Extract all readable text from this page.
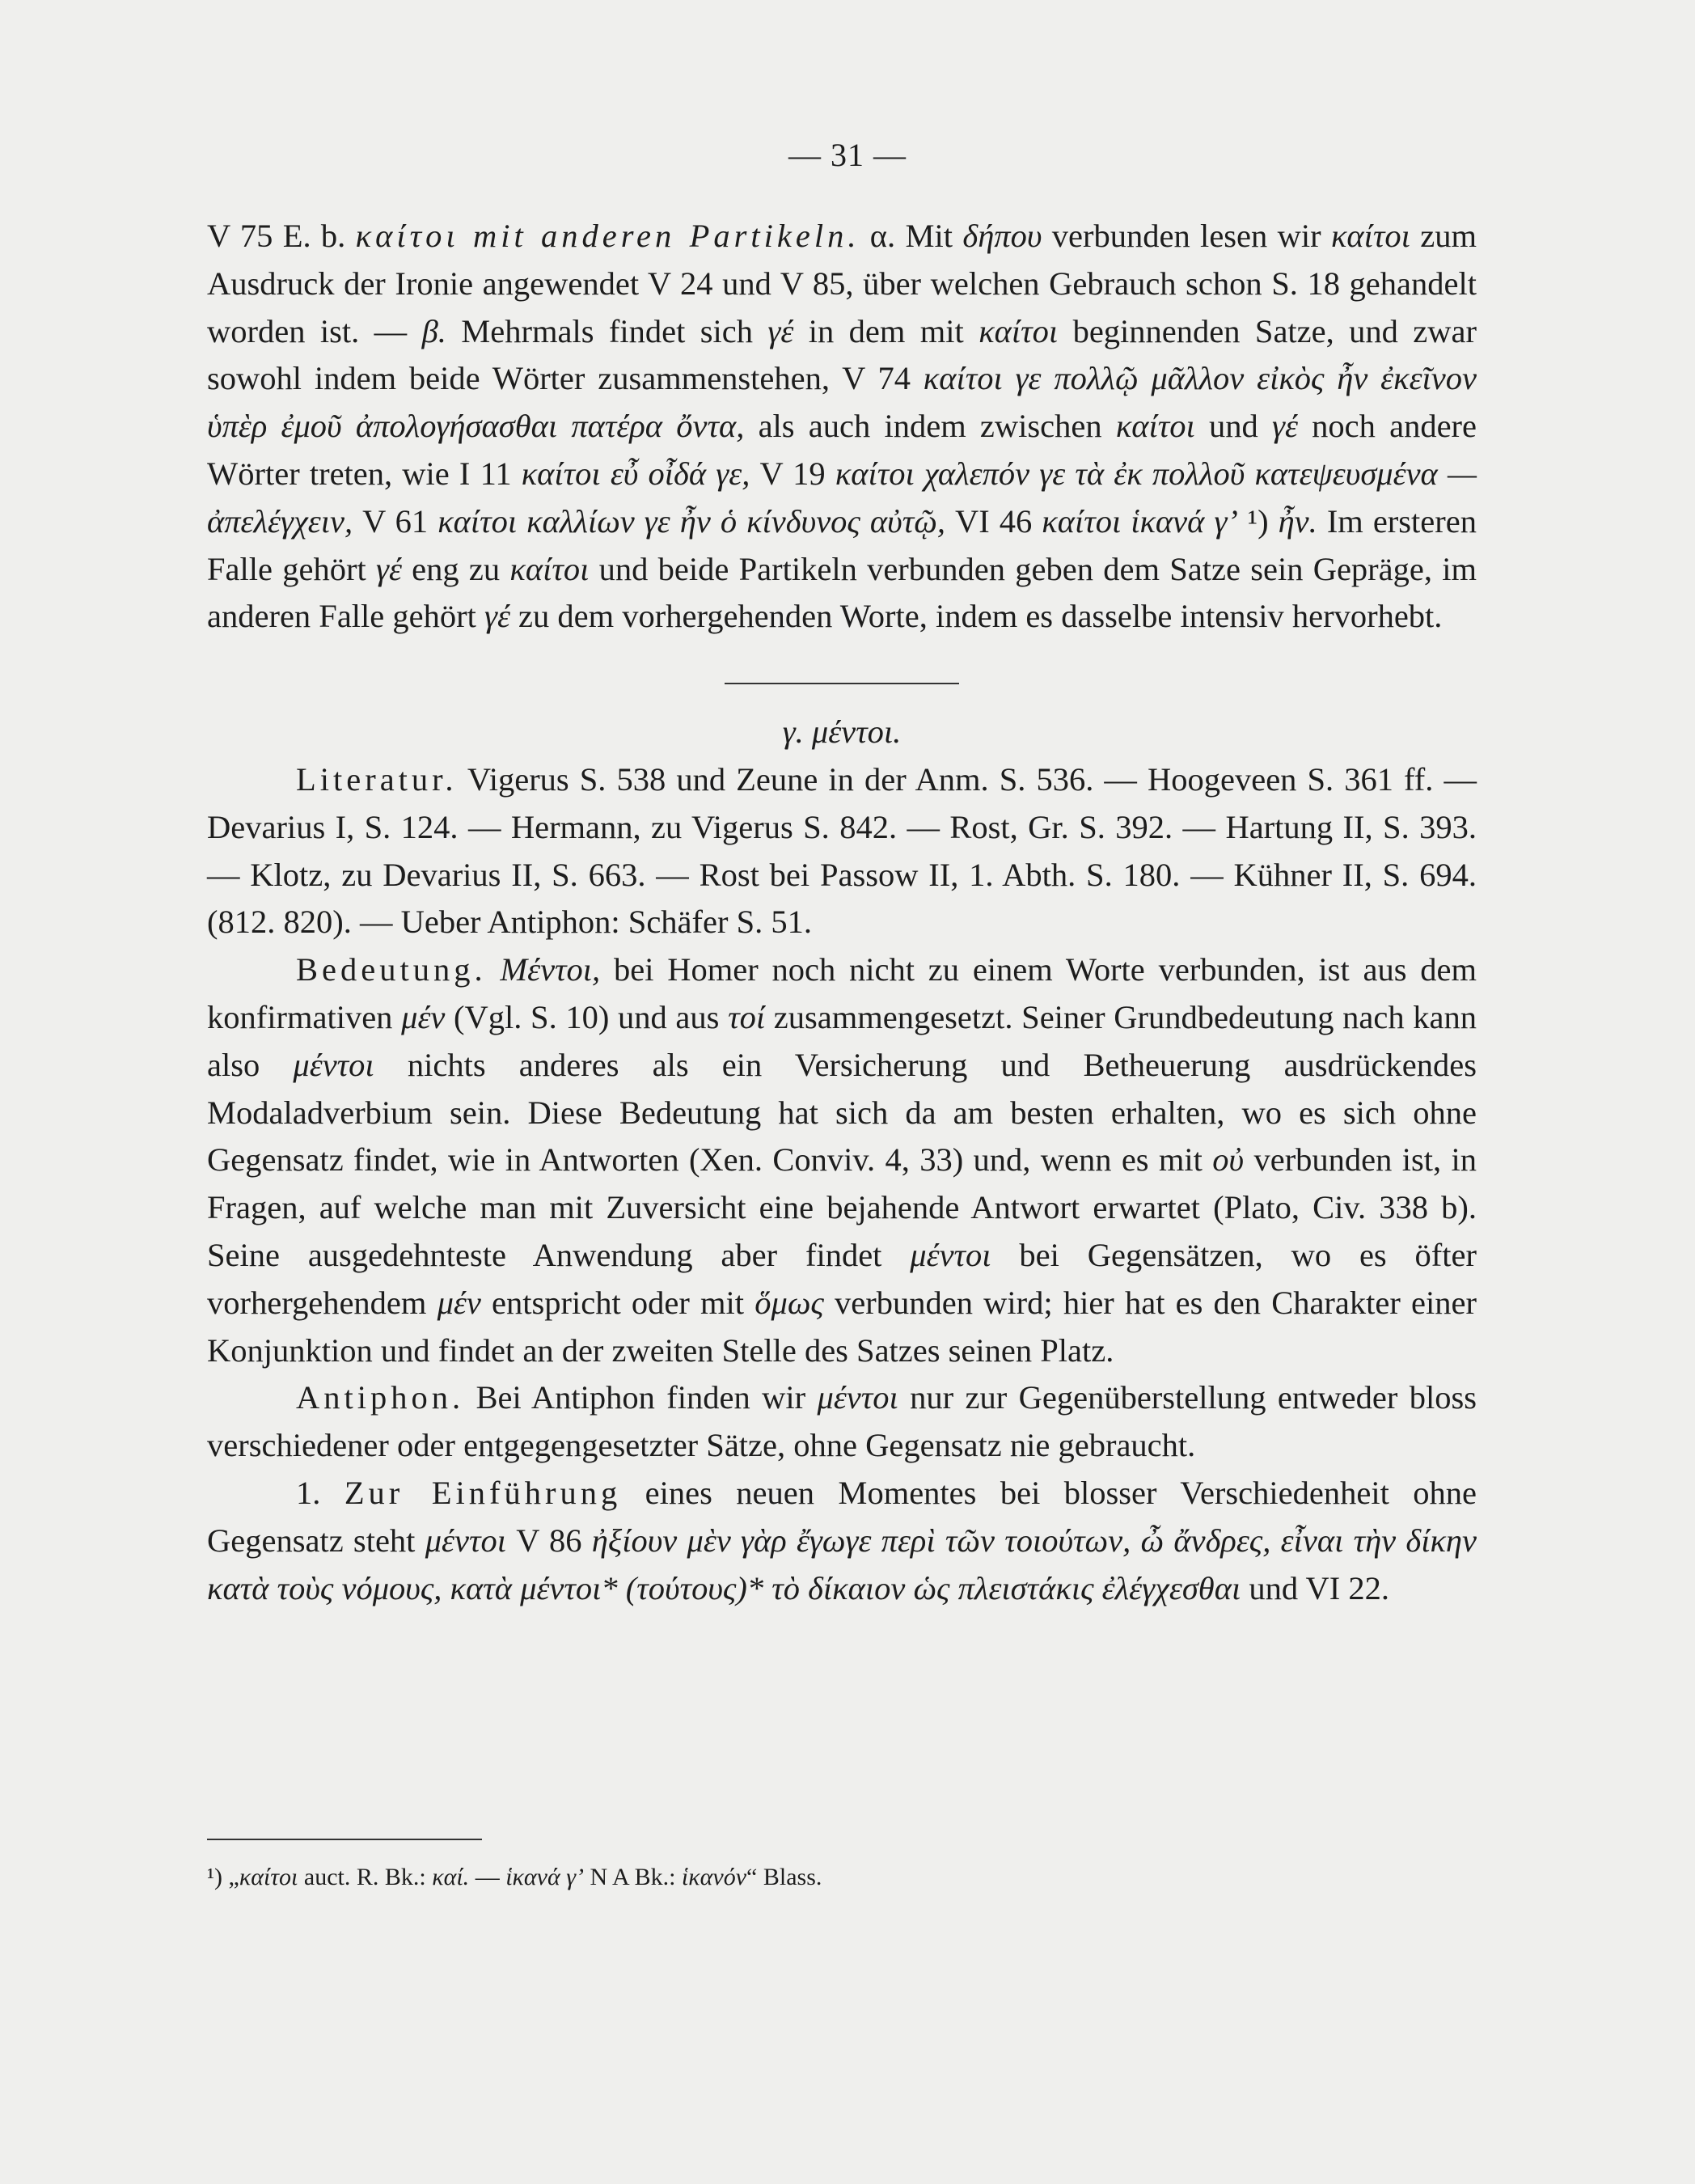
— 31 —

V 75 E. b. καίτοι mit anderen Partikeln. α. Mit δήπου verbunden lesen wir καίτοι zum Ausdruck der Ironie angewendet V 24 und V 85, über welchen Gebrauch schon S. 18 gehandelt worden ist. — β. Mehrmals findet sich γέ in dem mit καίτοι beginnenden Satze, und zwar sowohl indem beide Wörter zusammenstehen, V 74 καίτοι γε πολλῷ μᾶλλον εἰκὸς ἦν ἐκεῖνον ὑπὲρ ἐμοῦ ἀπολογήσασθαι πατέρα ὄντα, als auch indem zwischen καίτοι und γέ noch andere Wörter treten, wie I 11 καίτοι εὖ οἶδά γε, V 19 καίτοι χαλεπόν γε τὰ ἐκ πολλοῦ κατεψευσμένα — ἀπελέγχειν, V 61 καίτοι καλλίων γε ἦν ὁ κίνδυνος αὐτῷ, VI 46 καίτοι ἱκανά γ’ ¹) ἦν. Im ersteren Falle gehört γέ eng zu καίτοι und beide Partikeln verbunden geben dem Satze sein Gepräge, im anderen Falle gehört γέ zu dem vorhergehenden Worte, indem es dasselbe intensiv hervorhebt.

γ. μέντοι.

Literatur. Vigerus S. 538 und Zeune in der Anm. S. 536. — Hoogeveen S. 361 ff. — Devarius I, S. 124. — Hermann, zu Vigerus S. 842. — Rost, Gr. S. 392. — Hartung II, S. 393. — Klotz, zu Devarius II, S. 663. — Rost bei Passow II, 1. Abth. S. 180. — Kühner II, S. 694. (812. 820). — Ueber Antiphon: Schäfer S. 51.

Bedeutung. Μέντοι, bei Homer noch nicht zu einem Worte verbunden, ist aus dem konfirmativen μέν (Vgl. S. 10) und aus τοί zusammengesetzt. Seiner Grundbedeutung nach kann also μέντοι nichts anderes als ein Versicherung und Betheuerung ausdrückendes Modaladverbium sein. Diese Bedeutung hat sich da am besten erhalten, wo es sich ohne Gegensatz findet, wie in Antworten (Xen. Conviv. 4, 33) und, wenn es mit οὐ verbunden ist, in Fragen, auf welche man mit Zuversicht eine bejahende Antwort erwartet (Plato, Civ. 338 b). Seine ausgedehnteste Anwendung aber findet μέντοι bei Gegensätzen, wo es öfter vorhergehendem μέν entspricht oder mit ὅμως verbunden wird; hier hat es den Charakter einer Konjunktion und findet an der zweiten Stelle des Satzes seinen Platz.

Antiphon. Bei Antiphon finden wir μέντοι nur zur Gegenüberstellung entweder bloss verschiedener oder entgegengesetzter Sätze, ohne Gegensatz nie gebraucht.

1. Zur Einführung eines neuen Momentes bei blosser Verschiedenheit ohne Gegensatz steht μέντοι V 86 ἠξίουν μὲν γὰρ ἔγωγε περὶ τῶν τοιούτων, ὦ ἄνδρες, εἶναι τὴν δίκην κατὰ τοὺς νόμους, κατὰ μέντοι* (τούτους)* τὸ δίκαιον ὡς πλειστάκις ἐλέγχεσθαι und VI 22.

¹) „καίτοι auct. R. Bk.: καί. — ἱκανά γ’ N A Bk.: ἱκανόν“ Blass.
